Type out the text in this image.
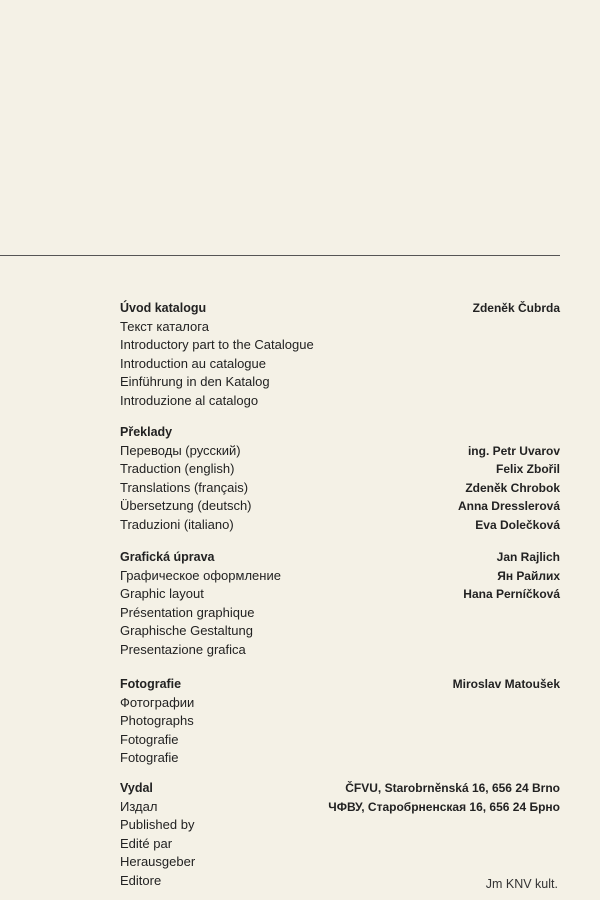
Úvod katalogu
Текст каталога
Introductory part to the Catalogue
Introduction au catalogue
Einführung in den Katalog
Introduzione al catalogo
Zdeněk Čubrda
Překlady
Переводы (русский)
Traduction (english)
Translations (français)
Übersetzung (deutsch)
Traduzioni (italiano)
ing. Petr Uvarov
Felix Zbořil
Zdeněk Chrobok
Anna Dresslerová
Eva Dolečková
Grafická úprava
Графическое оформление
Graphic layout
Présentation graphique
Graphische Gestaltung
Presentazione grafica
Jan Rajlich
Ян Райлих
Hana Perníčková
Fotografie
Фотографии
Photographs
Fotografie
Fotografie
Miroslav Matoušek
Vydal
Издал
Published by
Edité par
Herausgeber
Editore
ČFVU, Starobrněnská 16, 656 24 Brno
ЧФВУ, Старобрненская 16, 656 24 Брно
Jm KNV kult.
